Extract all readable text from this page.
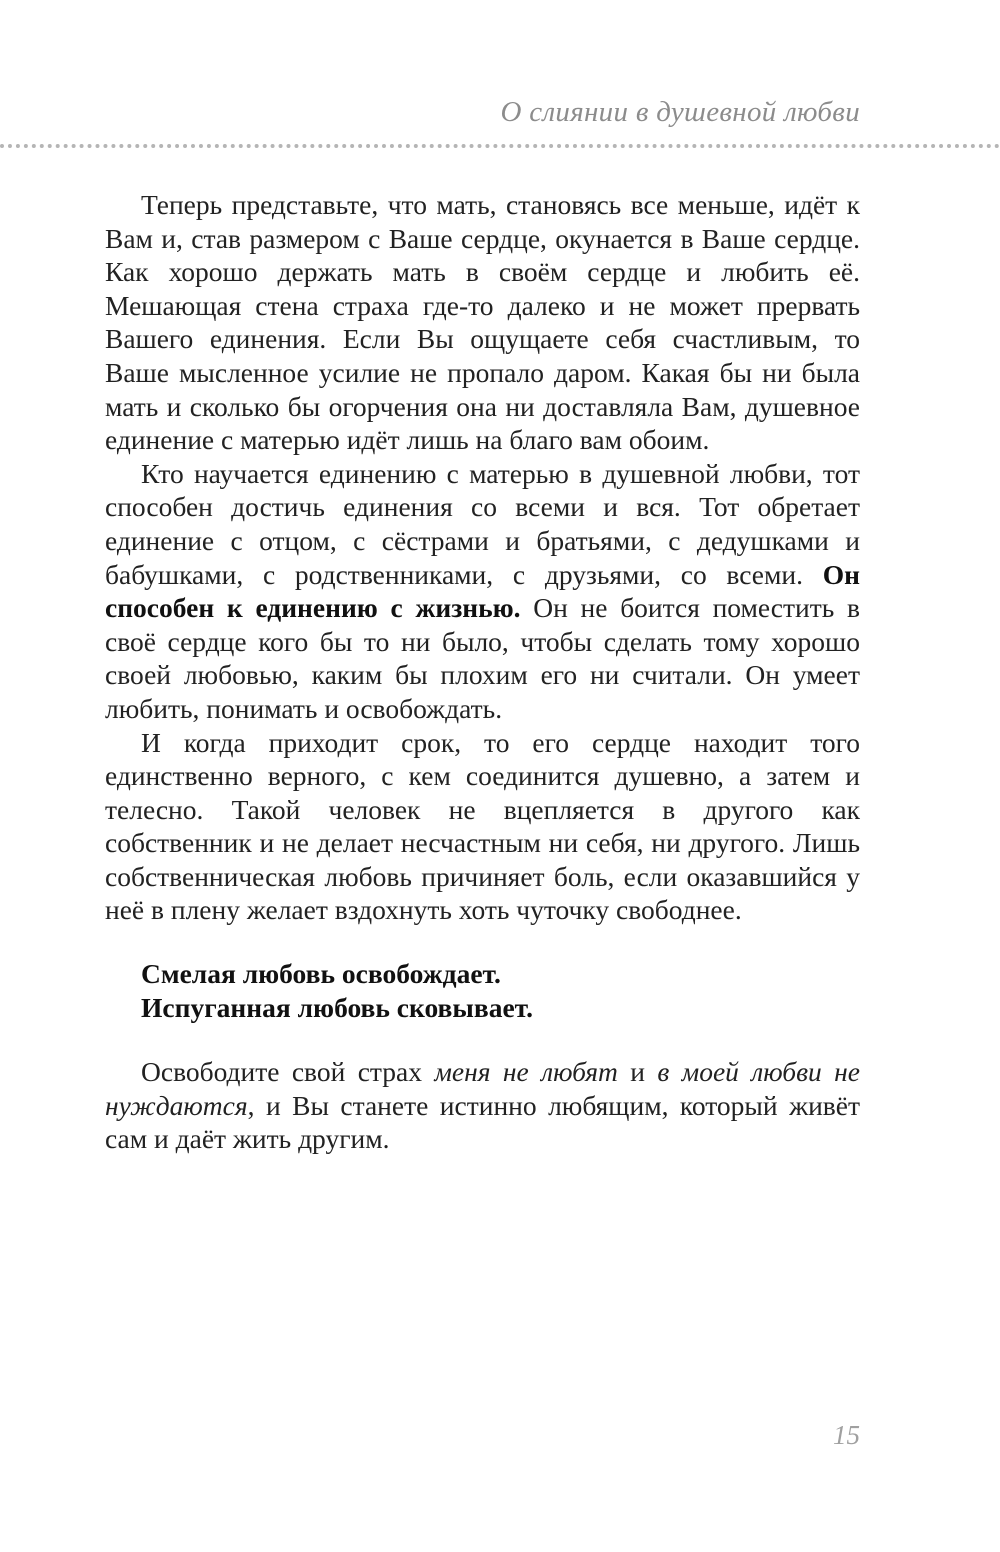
О слиянии в душевной любви

Теперь представьте, что мать, становясь все меньше, идёт к Вам и, став размером с Ваше сердце, окунается в Ваше сердце. Как хорошо держать мать в своём сердце и любить её. Мешающая стена страха где-то далеко и не может прервать Вашего единения. Если Вы ощущаете себя счастливым, то Ваше мысленное усилие не пропало даром. Какая бы ни была мать и сколько бы огорчения она ни доставляла Вам, душевное единение с матерью идёт лишь на благо вам обоим.

Кто научается единению с матерью в душевной любви, тот способен достичь единения со всеми и вся. Тот обретает единение с отцом, с сёстрами и братьями, с дедушками и бабушками, с родственниками, с друзьями, со всеми. Он способен к единению с жизнью. Он не боится поместить в своё сердце кого бы то ни было, чтобы сделать тому хорошо своей любовью, каким бы плохим его ни считали. Он умеет любить, понимать и освобождать.

И когда приходит срок, то его сердце находит того единственно верного, с кем соединится душевно, а затем и телесно. Такой человек не вцепляется в другого как собственник и не делает несчастным ни себя, ни другого. Лишь собственническая любовь причиняет боль, если оказавшийся у неё в плену желает вздохнуть хоть чуточку свободнее.

Смелая любовь освобождает.
Испуганная любовь сковывает.

Освободите свой страх меня не любят и в моей любви не нуждаются, и Вы станете истинно любящим, который живёт сам и даёт жить другим.

15
